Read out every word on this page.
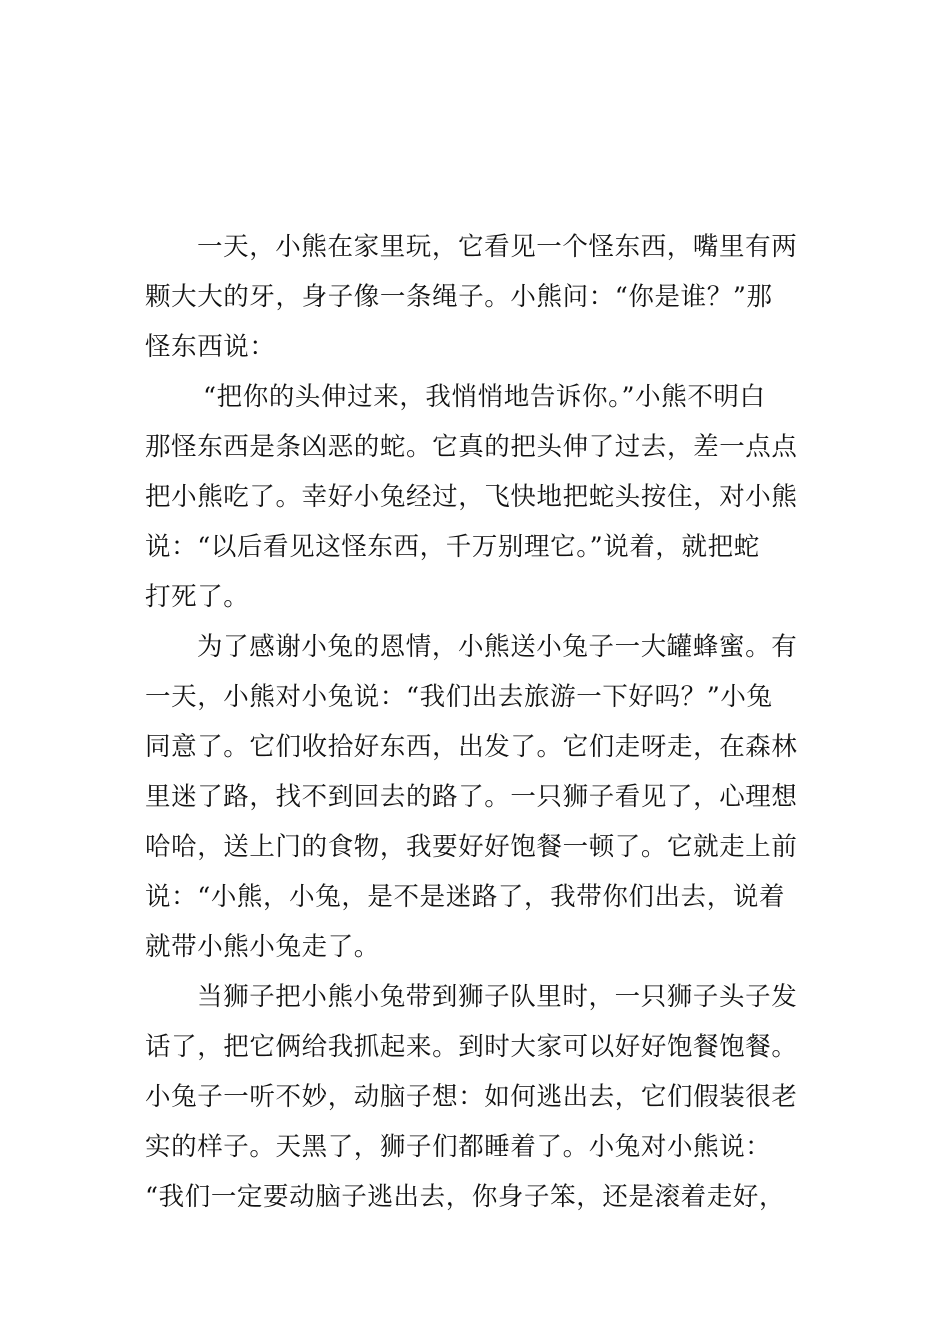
一天，小熊在家里玩，它看见一个怪东西，嘴里有两
颗大大的牙，身子像一条绳子。小熊问：“你是谁？”那
怪东西说：
“把你的头伸过来，我悄悄地告诉你。”小熊不明白
那怪东西是条凶恶的蛇。它真的把头伸了过去，差一点点
把小熊吃了。幸好小兔经过，飞快地把蛇头按住，对小熊
说：“以后看见这怪东西，千万别理它。”说着，就把蛇
打死了。
为了感谢小兔的恩情，小熊送小兔子一大罐蜂蜜。有
一天，小熊对小兔说：“我们出去旅游一下好吗？”小兔
同意了。它们收拾好东西，出发了。它们走呀走，在森林
里迷了路，找不到回去的路了。一只狮子看见了，心理想
哈哈，送上门的食物，我要好好饱餐一顿了。它就走上前
说：“小熊，小兔，是不是迷路了，我带你们出去，说着
就带小熊小兔走了。
当狮子把小熊小兔带到狮子队里时，一只狮子头子发
话了，把它俩给我抓起来。到时大家可以好好饱餐饱餐。
小兔子一听不妙，动脑子想：如何逃出去，它们假装很老
实的样子。天黑了，狮子们都睡着了。小兔对小熊说：
“我们一定要动脑子逃出去，你身子笨，还是滚着走好，
